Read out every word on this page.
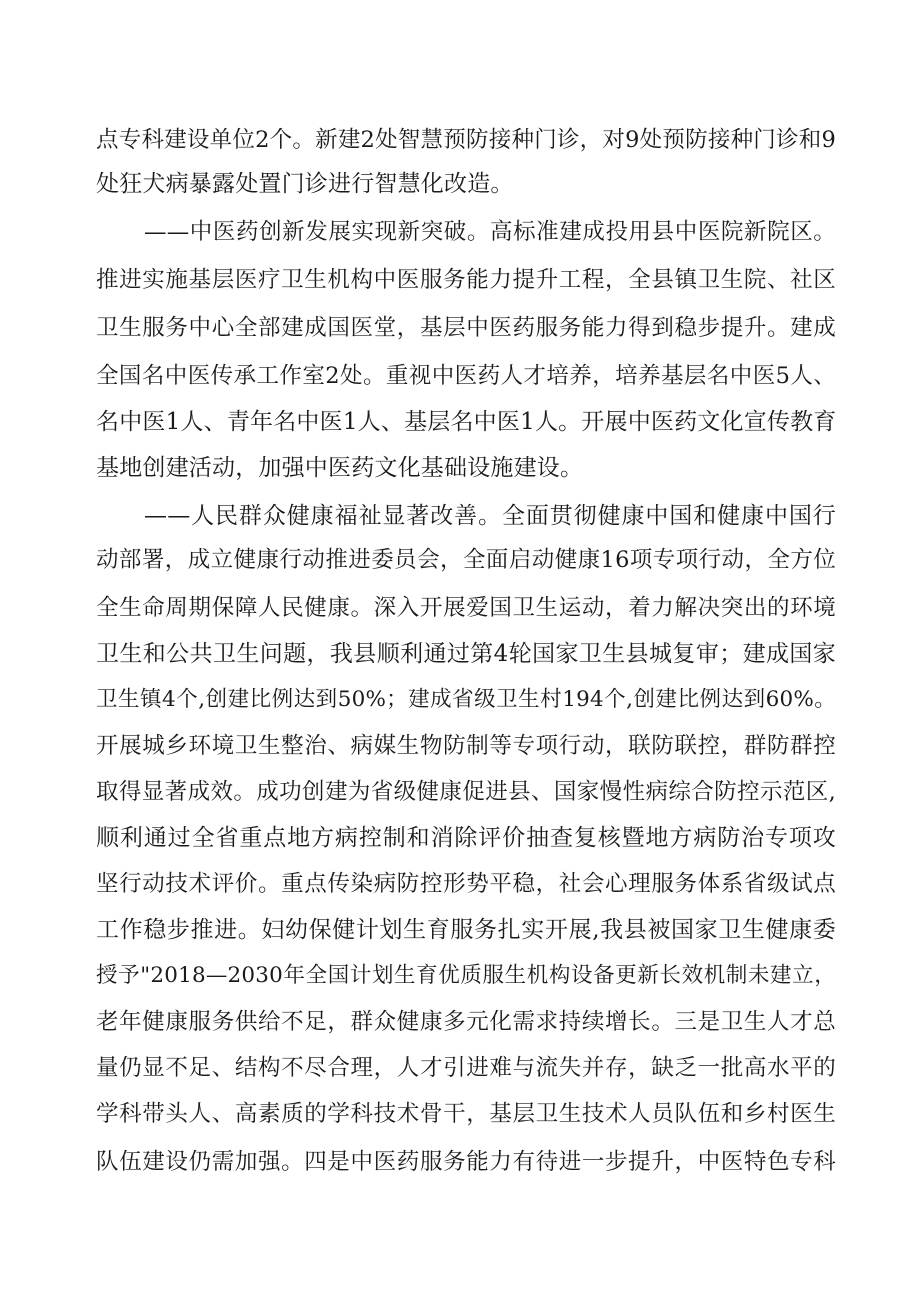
点专科建设单位2个。新建2处智慧预防接种门诊，对9处预防接种门诊和9
处狂犬病暴露处置门诊进行智慧化改造。
——中医药创新发展实现新突破。高标准建成投用县中医院新院区。
推进实施基层医疗卫生机构中医服务能力提升工程，全县镇卫生院、社区
卫生服务中心全部建成国医堂，基层中医药服务能力得到稳步提升。建成
全国名中医传承工作室2处。重视中医药人才培养，培养基层名中医5人、
名中医1人、青年名中医1人、基层名中医1人。开展中医药文化宣传教育
基地创建活动，加强中医药文化基础设施建设。
——人民群众健康福祉显著改善。全面贯彻健康中国和健康中国行
动部署，成立健康行动推进委员会，全面启动健康16项专项行动，全方位
全生命周期保障人民健康。深入开展爱国卫生运动，着力解决突出的环境
卫生和公共卫生问题，我县顺利通过第4轮国家卫生县城复审；建成国家
卫生镇4个,创建比例达到50%；建成省级卫生村194个,创建比例达到60%。
开展城乡环境卫生整治、病媒生物防制等专项行动，联防联控，群防群控
取得显著成效。成功创建为省级健康促进县、国家慢性病综合防控示范区,
顺利通过全省重点地方病控制和消除评价抽查复核暨地方病防治专项攻
坚行动技术评价。重点传染病防控形势平稳，社会心理服务体系省级试点
工作稳步推进。妇幼保健计划生育服务扎实开展,我县被国家卫生健康委
授予"2018—2030年全国计划生育优质服生机构设备更新长效机制未建立，
老年健康服务供给不足，群众健康多元化需求持续增长。三是卫生人才总
量仍显不足、结构不尽合理，人才引进难与流失并存，缺乏一批高水平的
学科带头人、高素质的学科技术骨干，基层卫生技术人员队伍和乡村医生
队伍建设仍需加强。四是中医药服务能力有待进一步提升，中医特色专科
